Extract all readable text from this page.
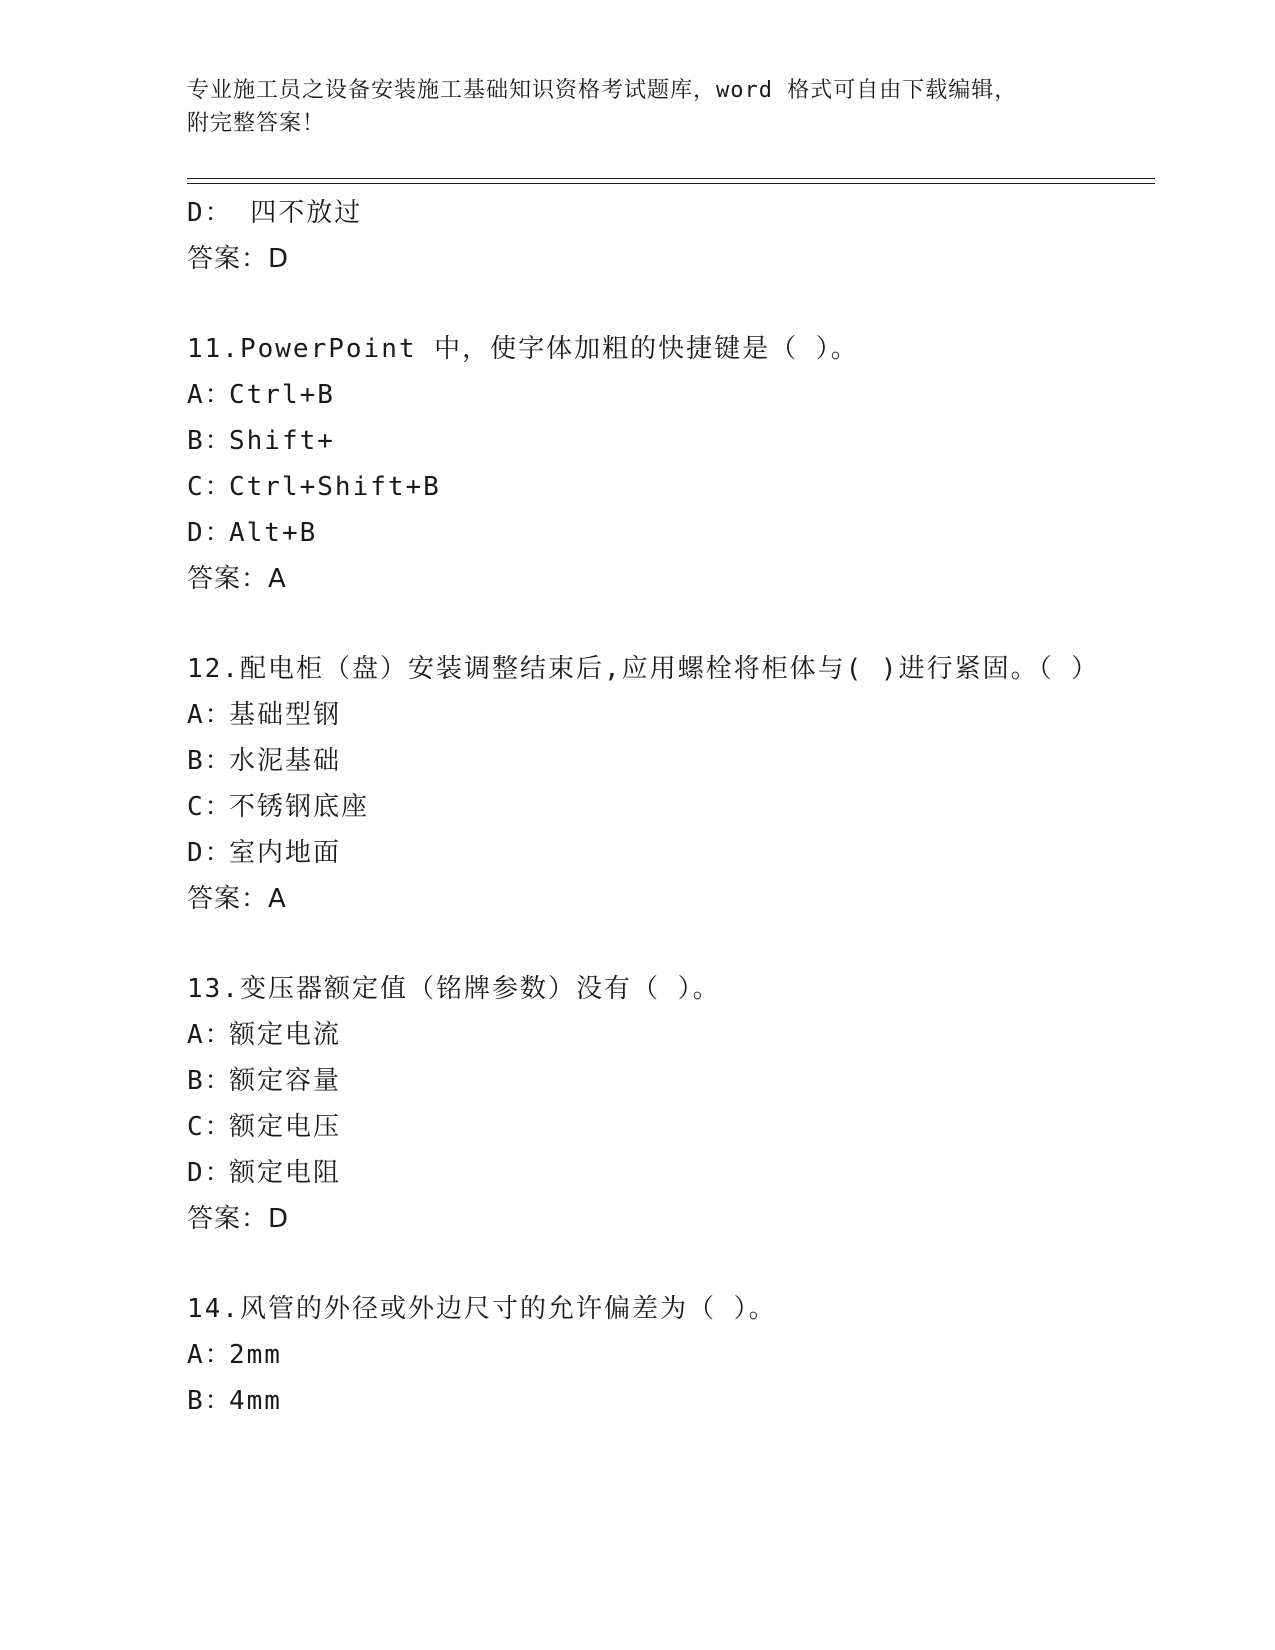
专业施工员之设备安装施工基础知识资格考试题库，word 格式可自由下载编辑，
附完整答案！
D： 四不放过
答案：D
11.PowerPoint 中，使字体加粗的快捷键是（ ）。
A：Ctrl+B
B：Shift+
C：Ctrl+Shift+B
D：Alt+B
答案：A
12.配电柜（盘）安装调整结束后,应用螺栓将柜体与( )进行紧固。（ ）
A：基础型钢
B：水泥基础
C：不锈钢底座
D：室内地面
答案：A
13.变压器额定值（铭牌参数）没有（ ）。
A：额定电流
B：额定容量
C：额定电压
D：额定电阻
答案：D
14.风管的外径或外边尺寸的允许偏差为（ ）。
A：2mm
B：4mm
